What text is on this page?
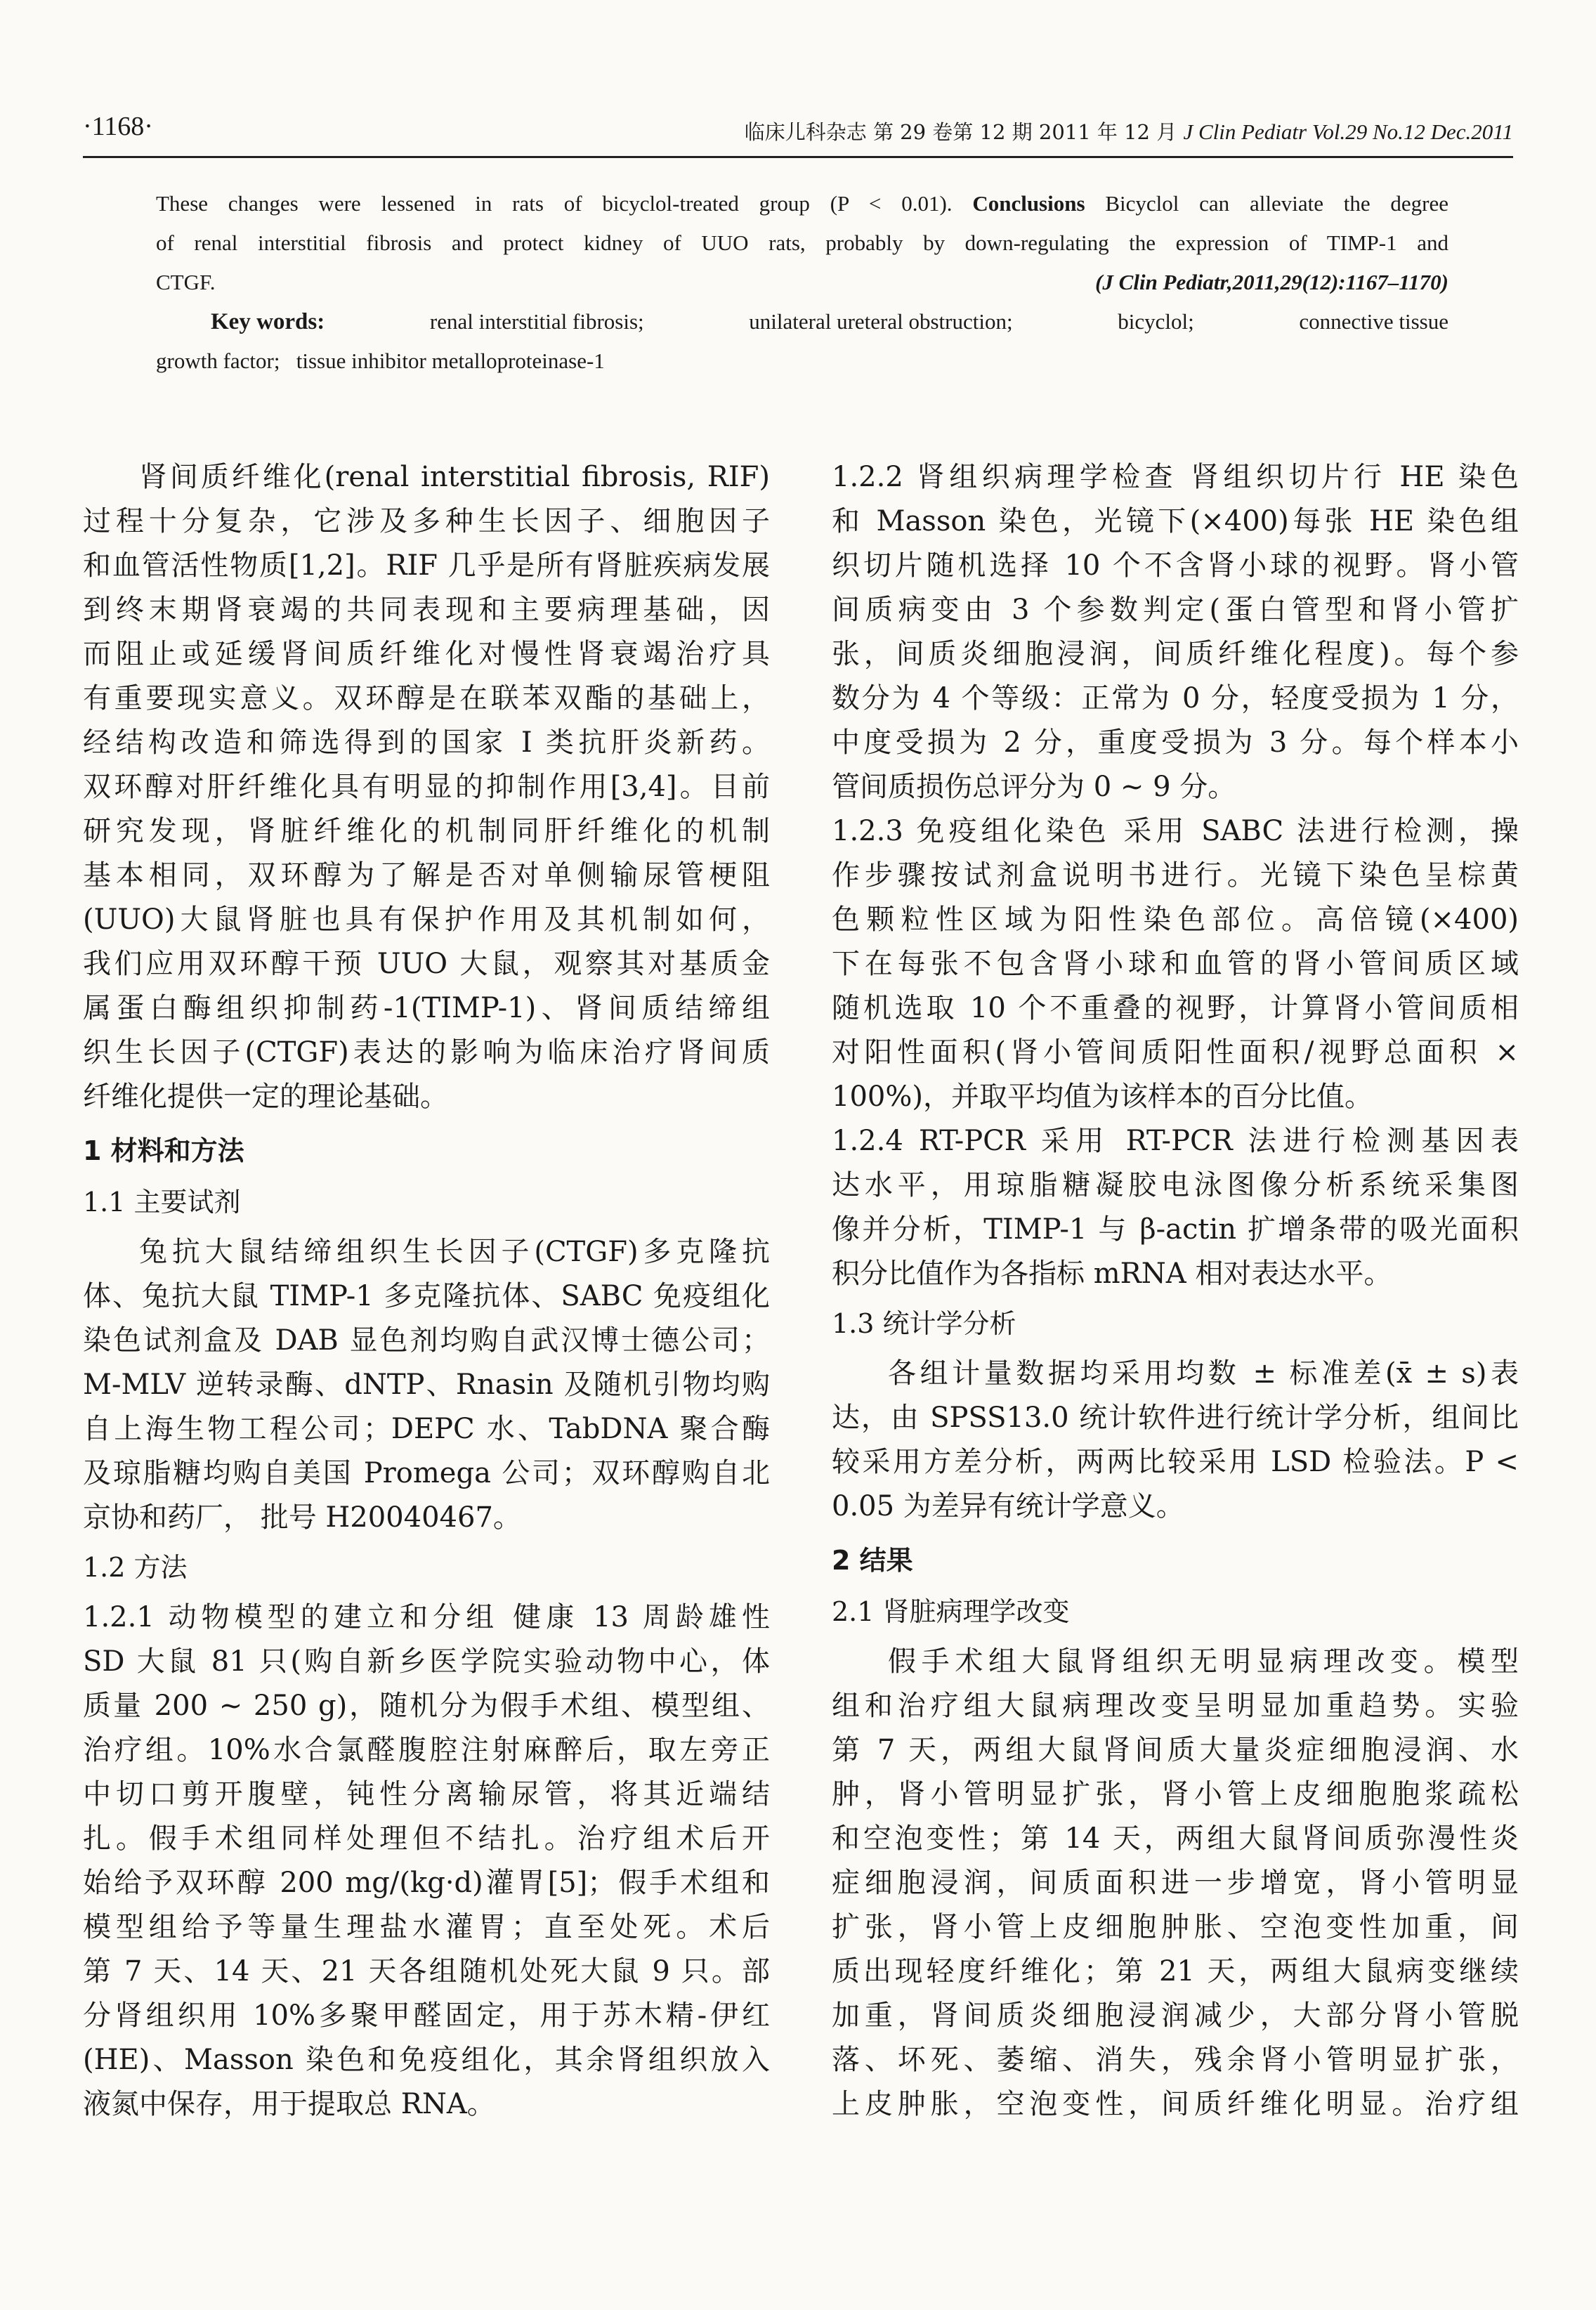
·1168·	临床儿科杂志 第 29 卷第 12 期 2011 年 12 月 J Clin Pediatr Vol.29 No.12 Dec.2011
These changes were lessened in rats of bicyclol-treated group (P < 0.01). Conclusions Bicyclol can alleviate the degree
of renal interstitial fibrosis and protect kidney of UUO rats, probably by down-regulating the expression of TIMP-1 and
CTGF.	(J Clin Pediatr,2011,29(12):1167–1170)
Key words:	renal interstitial fibrosis;	unilateral ureteral obstruction;	bicyclol;	connective tissue
growth factor;   tissue inhibitor metalloproteinase-1
肾间质纤维化(renal interstitial fibrosis, RIF)
过程十分复杂，它涉及多种生长因子、细胞因子
和血管活性物质[1,2]。RIF 几乎是所有肾脏疾病发展
到终末期肾衰竭的共同表现和主要病理基础，因
而阻止或延缓肾间质纤维化对慢性肾衰竭治疗具
有重要现实意义。双环醇是在联苯双酯的基础上，
经结构改造和筛选得到的国家 I 类抗肝炎新药。
双环醇对肝纤维化具有明显的抑制作用[3,4]。目前
研究发现，肾脏纤维化的机制同肝纤维化的机制
基本相同，双环醇为了解是否对单侧输尿管梗阻
(UUO)大鼠肾脏也具有保护作用及其机制如何，
我们应用双环醇干预 UUO 大鼠，观察其对基质金
属蛋白酶组织抑制药-1(TIMP-1)、肾间质结缔组
织生长因子(CTGF)表达的影响为临床治疗肾间质
纤维化提供一定的理论基础。
1 材料和方法
1.1 主要试剂
兔抗大鼠结缔组织生长因子(CTGF)多克隆抗
体、兔抗大鼠 TIMP-1 多克隆抗体、SABC 免疫组化
染色试剂盒及 DAB 显色剂均购自武汉博士德公司；
M-MLV 逆转录酶、dNTP、Rnasin 及随机引物均购
自上海生物工程公司；DEPC 水、TabDNA 聚合酶
及琼脂糖均购自美国 Promega 公司；双环醇购自北
京协和药厂， 批号 H20040467。
1.2 方法
1.2.1 动物模型的建立和分组 健康 13 周龄雄性
SD 大鼠 81 只(购自新乡医学院实验动物中心，体
质量 200 ~ 250 g)，随机分为假手术组、模型组、
治疗组。10%水合氯醛腹腔注射麻醉后，取左旁正
中切口剪开腹壁，钝性分离输尿管，将其近端结
扎。假手术组同样处理但不结扎。治疗组术后开
始给予双环醇 200 mg/(kg·d)灌胃[5]；假手术组和
模型组给予等量生理盐水灌胃；直至处死。术后
第 7 天、14 天、21 天各组随机处死大鼠 9 只。部
分肾组织用 10%多聚甲醛固定，用于苏木精-伊红
(HE)、Masson 染色和免疫组化，其余肾组织放入
液氮中保存，用于提取总 RNA。
1.2.2 肾组织病理学检查 肾组织切片行 HE 染色
和 Masson 染色，光镜下(×400)每张 HE 染色组
织切片随机选择 10 个不含肾小球的视野。肾小管
间质病变由 3 个参数判定(蛋白管型和肾小管扩
张，间质炎细胞浸润，间质纤维化程度)。每个参
数分为 4 个等级：正常为 0 分，轻度受损为 1 分，
中度受损为 2 分，重度受损为 3 分。每个样本小
管间质损伤总评分为 0 ~ 9 分。
1.2.3 免疫组化染色 采用 SABC 法进行检测，操
作步骤按试剂盒说明书进行。光镜下染色呈棕黄
色颗粒性区域为阳性染色部位。高倍镜(×400)
下在每张不包含肾小球和血管的肾小管间质区域
随机选取 10 个不重叠的视野，计算肾小管间质相
对阳性面积(肾小管间质阳性面积/视野总面积 ×
100%)，并取平均值为该样本的百分比值。
1.2.4 RT-PCR 采用 RT-PCR 法进行检测基因表
达水平，用琼脂糖凝胶电泳图像分析系统采集图
像并分析，TIMP-1 与 β-actin 扩增条带的吸光面积
积分比值作为各指标 mRNA 相对表达水平。
1.3 统计学分析
各组计量数据均采用均数 ± 标准差(x̄ ± s)表
达，由 SPSS13.0 统计软件进行统计学分析，组间比
较采用方差分析，两两比较采用 LSD 检验法。P <
0.05 为差异有统计学意义。
2 结果
2.1 肾脏病理学改变
假手术组大鼠肾组织无明显病理改变。模型
组和治疗组大鼠病理改变呈明显加重趋势。实验
第 7 天，两组大鼠肾间质大量炎症细胞浸润、水
肿，肾小管明显扩张，肾小管上皮细胞胞浆疏松
和空泡变性；第 14 天，两组大鼠肾间质弥漫性炎
症细胞浸润，间质面积进一步增宽，肾小管明显
扩张，肾小管上皮细胞肿胀、空泡变性加重，间
质出现轻度纤维化；第 21 天，两组大鼠病变继续
加重，肾间质炎细胞浸润减少，大部分肾小管脱
落、坏死、萎缩、消失，残余肾小管明显扩张，
上皮肿胀，空泡变性，间质纤维化明显。治疗组
